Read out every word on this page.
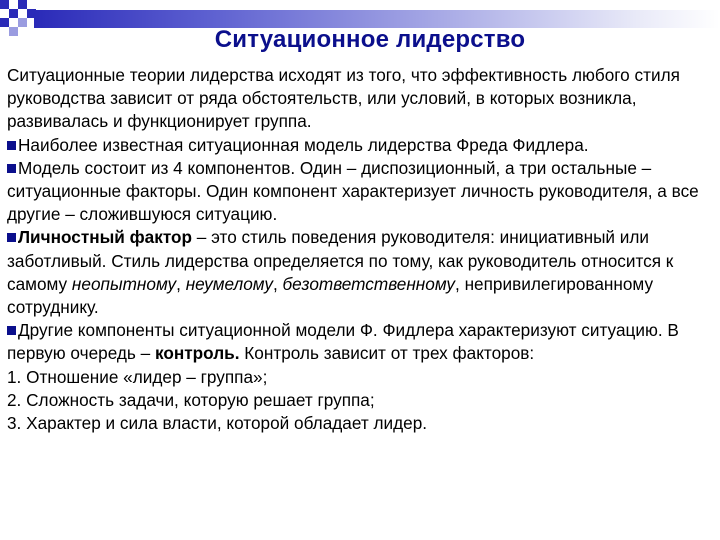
Ситуационное лидерство

Ситуационные теории лидерства исходят из того, что эффективность любого стиля руководства зависит от ряда обстоятельств, или условий, в которых возникла, развивалась и функционирует группа.

Наиболее известная ситуационная модель лидерства Фреда Фидлера.

Модель состоит из 4 компонентов. Один – диспозиционный, а три остальные – ситуационные факторы. Один компонент характеризует личность руководителя, а все другие – сложившуюся ситуацию.

Личностный фактор – это стиль поведения руководителя: инициативный или заботливый. Стиль лидерства определяется по тому, как руководитель относится к самому неопытному, неумелому, безответственному, непривилегированному сотруднику.

Другие компоненты ситуационной модели Ф. Фидлера характеризуют ситуацию. В первую очередь – контроль. Контроль зависит от трех факторов:

1. Отношение «лидер – группа»;

2. Сложность задачи, которую решает группа;

3. Характер и сила власти, которой обладает лидер.
